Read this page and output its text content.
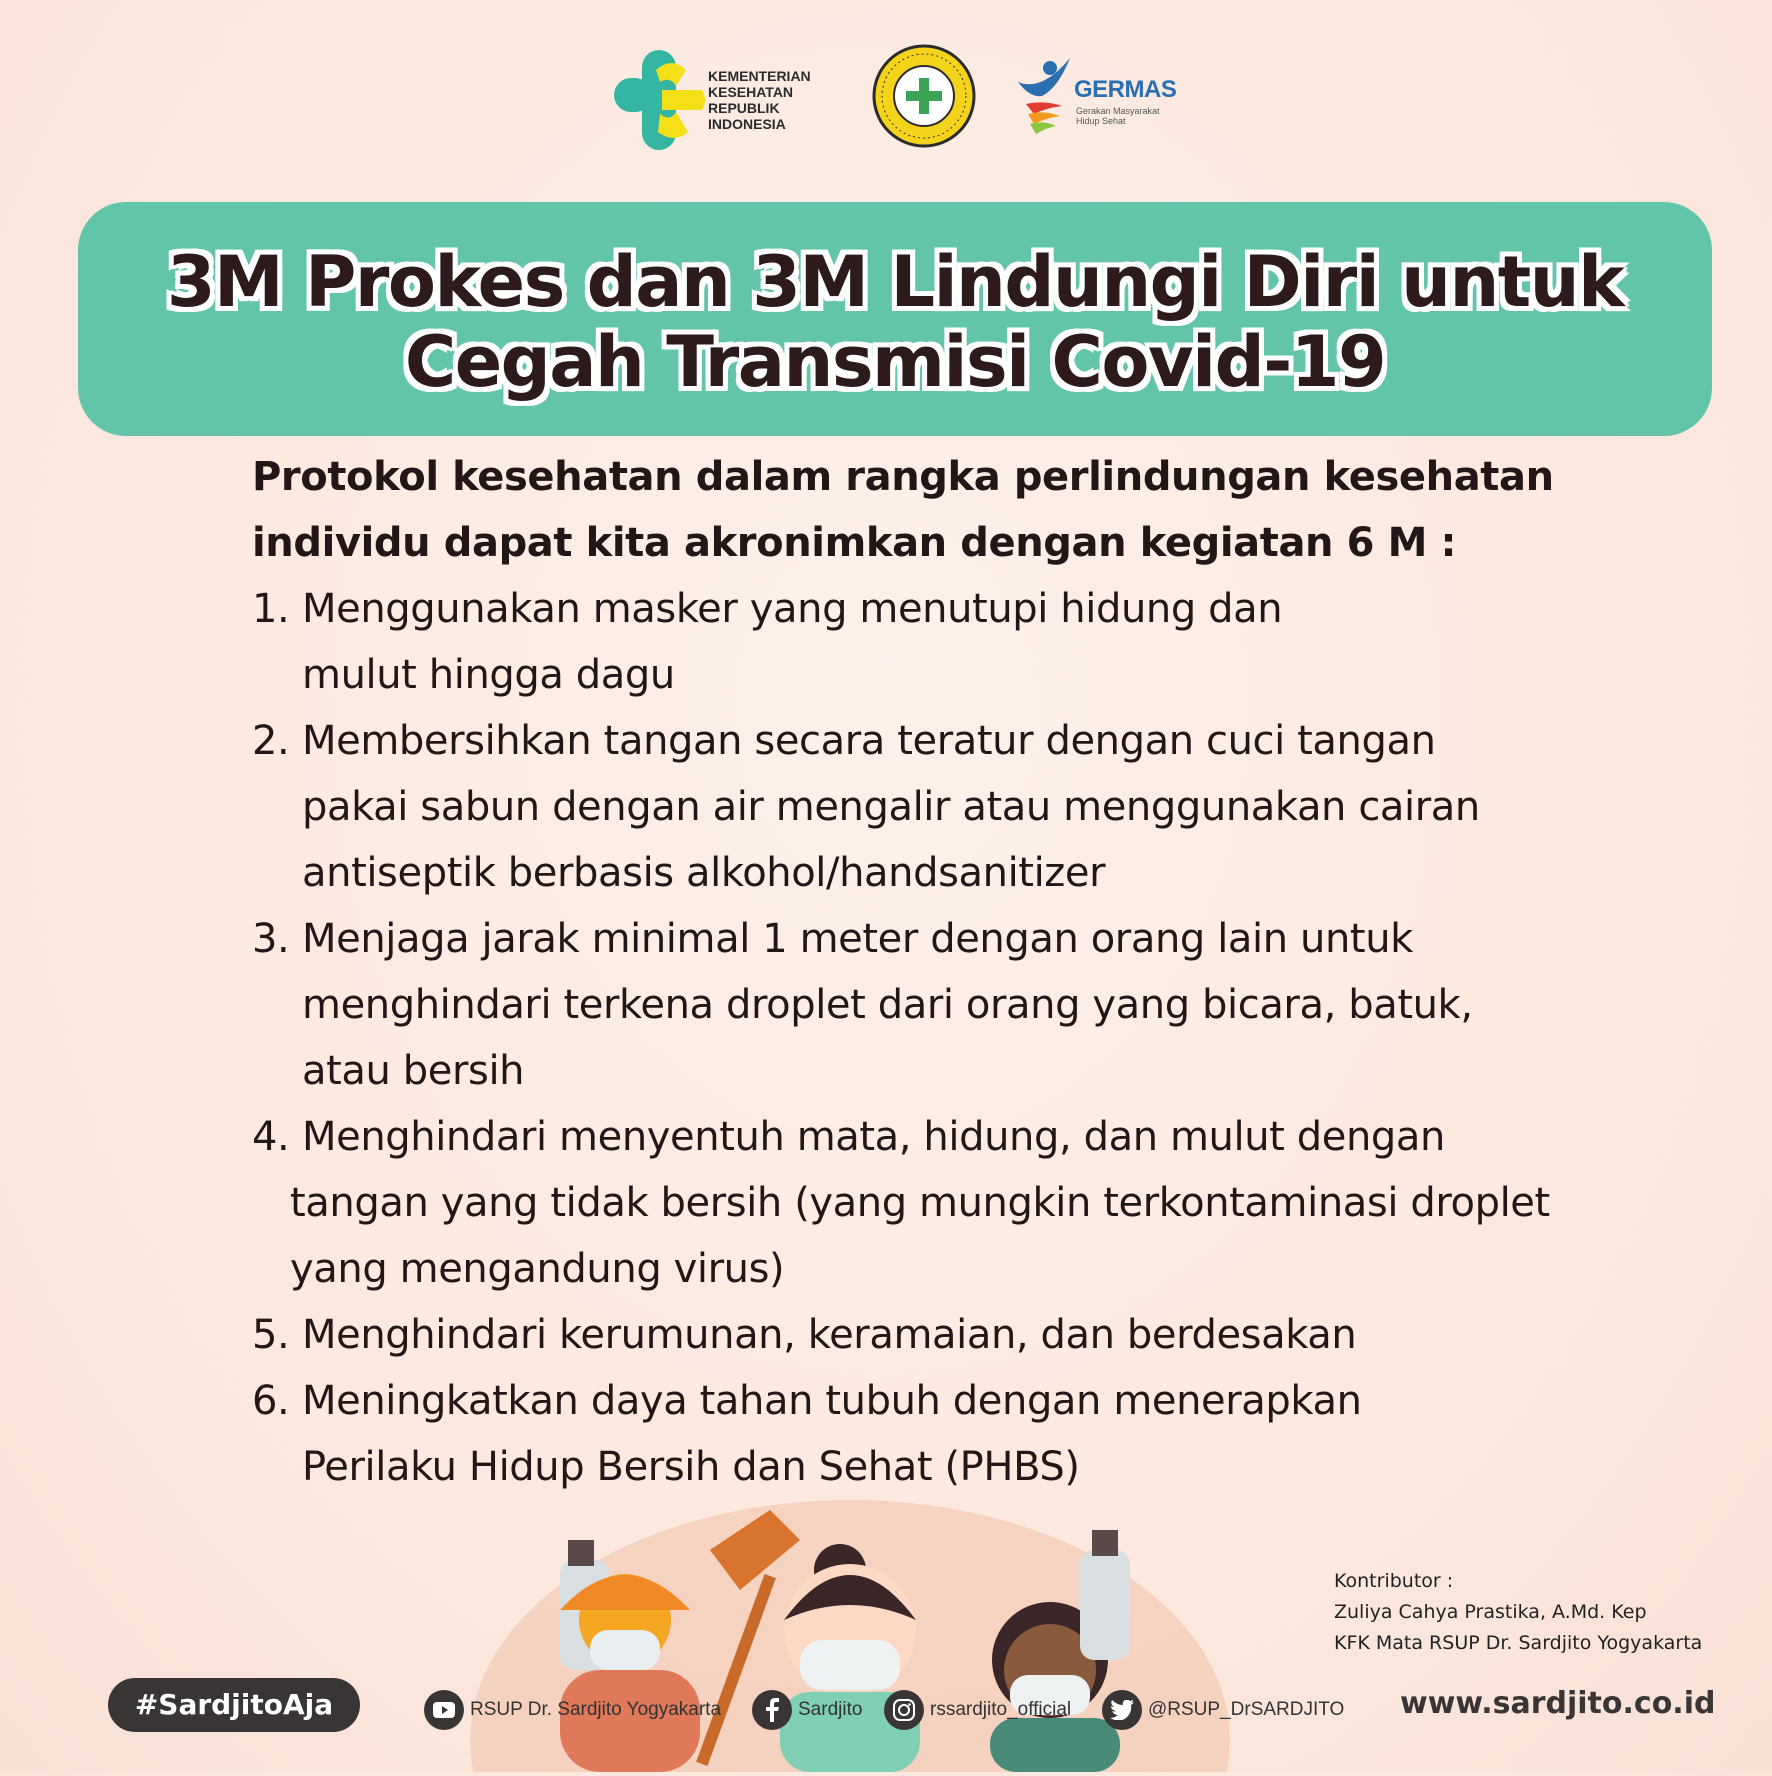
KEMENTERIAN
KESEHATAN
REPUBLIK
INDONESIA
GERMAS
Gerakan Masyarakat Hidup Sehat
3M Prokes dan 3M Lindungi Diri untuk
Cegah Transmisi Covid-19
Protokol kesehatan dalam rangka perlindungan kesehatan
individu dapat kita akronimkan dengan kegiatan 6 M :
1. Menggunakan masker yang menutupi hidung dan
mulut hingga dagu
2. Membersihkan tangan secara teratur dengan cuci tangan
pakai sabun dengan air mengalir atau menggunakan cairan
antiseptik berbasis alkohol/handsanitizer
3. Menjaga jarak minimal 1 meter dengan orang lain untuk
menghindari terkena droplet dari orang yang bicara, batuk,
atau bersih
4. Menghindari menyentuh mata, hidung, dan mulut dengan
tangan yang tidak bersih (yang mungkin terkontaminasi droplet
yang mengandung virus)
5. Menghindari kerumunan, keramaian, dan berdesakan
6. Meningkatkan daya tahan tubuh dengan menerapkan
Perilaku Hidup Bersih dan Sehat (PHBS)
Kontributor :
Zuliya Cahya Prastika, A.Md. Kep
KFK Mata RSUP Dr. Sardjito Yogyakarta
#SardjitoAja	RSUP Dr. Sardjito Yogyakarta	Sardjito	rssardjito_official	@RSUP_DrSARDJITO www.sardjito.co.id
